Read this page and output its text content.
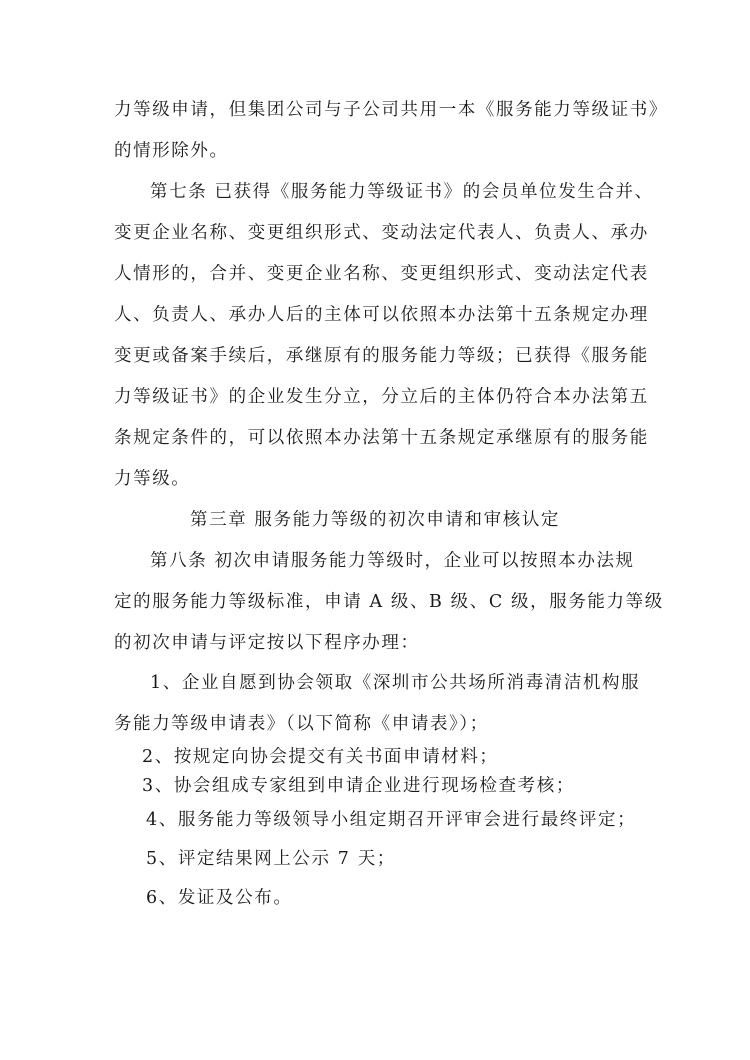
力等级申请，但集团公司与子公司共用一本《服务能力等级证书》
的情形除外。
第七条 已获得《服务能力等级证书》的会员单位发生合并、
变更企业名称、变更组织形式、变动法定代表人、负责人、承办
人情形的，合并、变更企业名称、变更组织形式、变动法定代表
人、负责人、承办人后的主体可以依照本办法第十五条规定办理
变更或备案手续后，承继原有的服务能力等级；已获得《服务能
力等级证书》的企业发生分立，分立后的主体仍符合本办法第五
条规定条件的，可以依照本办法第十五条规定承继原有的服务能
力等级。
第三章 服务能力等级的初次申请和审核认定
第八条 初次申请服务能力等级时，企业可以按照本办法规
定的服务能力等级标准，申请 A 级、B 级、C 级，服务能力等级
的初次申请与评定按以下程序办理：
1、企业自愿到协会领取《深圳市公共场所消毒清洁机构服
务能力等级申请表》（以下简称《申请表》）；
2、按规定向协会提交有关书面申请材料；
3、协会组成专家组到申请企业进行现场检查考核；
4、服务能力等级领导小组定期召开评审会进行最终评定；
5、评定结果网上公示 7 天；
6、发证及公布。
